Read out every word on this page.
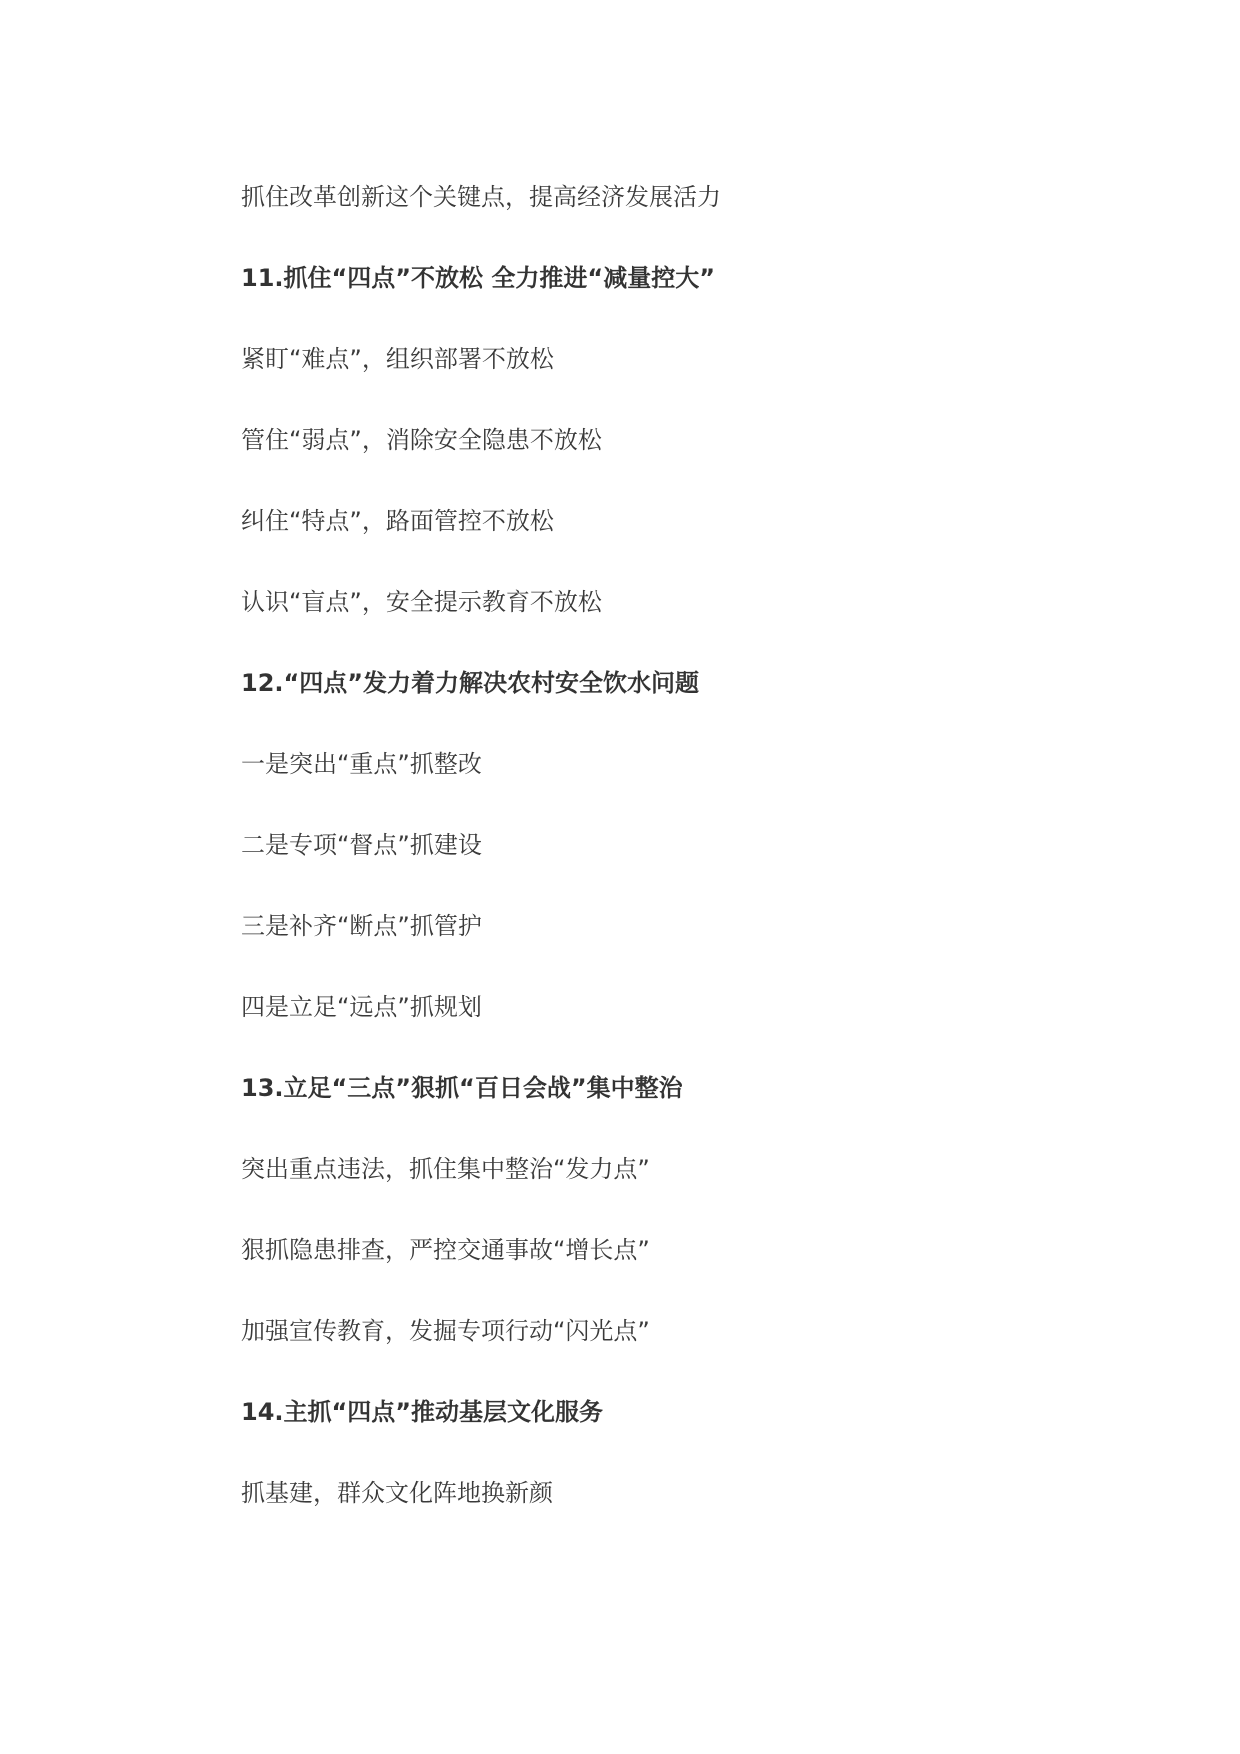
抓住改革创新这个关键点，提高经济发展活力

11.抓住“四点”不放松 全力推进“减量控大”

紧盯“难点”，组织部署不放松

管住“弱点”，消除安全隐患不放松

纠住“特点”，路面管控不放松

认识“盲点”，安全提示教育不放松

12.“四点”发力着力解决农村安全饮水问题

一是突出“重点”抓整改

二是专项“督点”抓建设

三是补齐“断点”抓管护

四是立足“远点”抓规划

13.立足“三点”狠抓“百日会战”集中整治

突出重点违法，抓住集中整治“发力点”

狠抓隐患排查，严控交通事故“增长点”

加强宣传教育，发掘专项行动“闪光点”

14.主抓“四点”推动基层文化服务

抓基建，群众文化阵地换新颜
